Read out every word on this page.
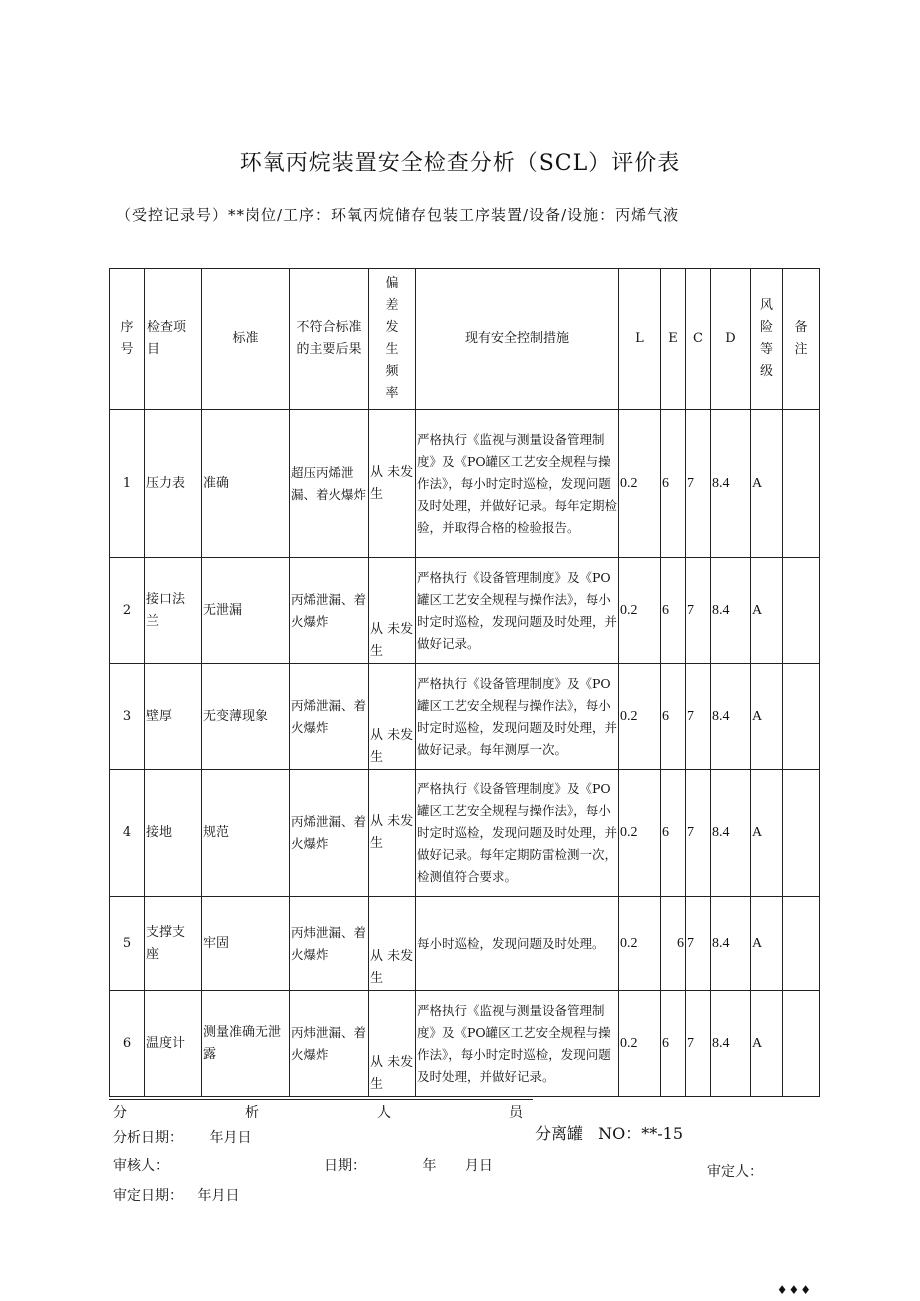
环氧丙烷装置安全检查分析（SCL）评价表
（受控记录号）**岗位/工序：环氧丙烷储存包装工序装置/设备/设施：丙烯气液
序号	检查项目	标准	不符合标准的主要后果	偏差发生频率	现有安全控制措施	L	E	C	D	风险等级	备注
1	压力表	准确	超压丙烯泄漏、着火爆炸	从 未发生	严格执行《监视与测量设备管理制度》及《PO罐区工艺安全规程与操作法》，每小时定时巡检，发现问题及时处理，并做好记录。每年定期检验，并取得合格的检验报告。	0.2	6	7	8.4	A	
2	接口法兰	无泄漏	丙烯泄漏、着火爆炸	从 未发生	严格执行《设备管理制度》及《PO罐区工艺安全规程与操作法》，每小时定时巡检，发现问题及时处理，并做好记录。	0.2	6	7	8.4	A	
3	壁厚	无变薄现象	丙烯泄漏、着火爆炸	从 未发生	严格执行《设备管理制度》及《PO罐区工艺安全规程与操作法》，每小时定时巡检，发现问题及时处理，并做好记录。每年测厚一次。	0.2	6	7	8.4	A	
4	接地	规范	丙烯泄漏、着火爆炸	从 未发生	严格执行《设备管理制度》及《PO罐区工艺安全规程与操作法》，每小时定时巡检，发现问题及时处理，并做好记录。每年定期防雷检测一次，检测值符合要求。	0.2	6	7	8.4	A	
5	支撑支座	牢固	丙炜泄漏、着火爆炸	从 未发生	每小时巡检，发现问题及时处理。	0.2	6	7	8.4	A	
6	温度计	测量准确无泄露	丙炜泄漏、着火爆炸	从 未发生	严格执行《监视与测量设备管理制度》及《PO罐区工艺安全规程与操作法》，每小时定时巡检，发现问题及时处理，并做好记录。	0.2	6	7	8.4	A	
分	析	人	员
分析日期： 年月日	分离罐 NO：**-15
审核人：	日期：	年 月日	审定人：
审定日期： 年月日
♦♦♦
